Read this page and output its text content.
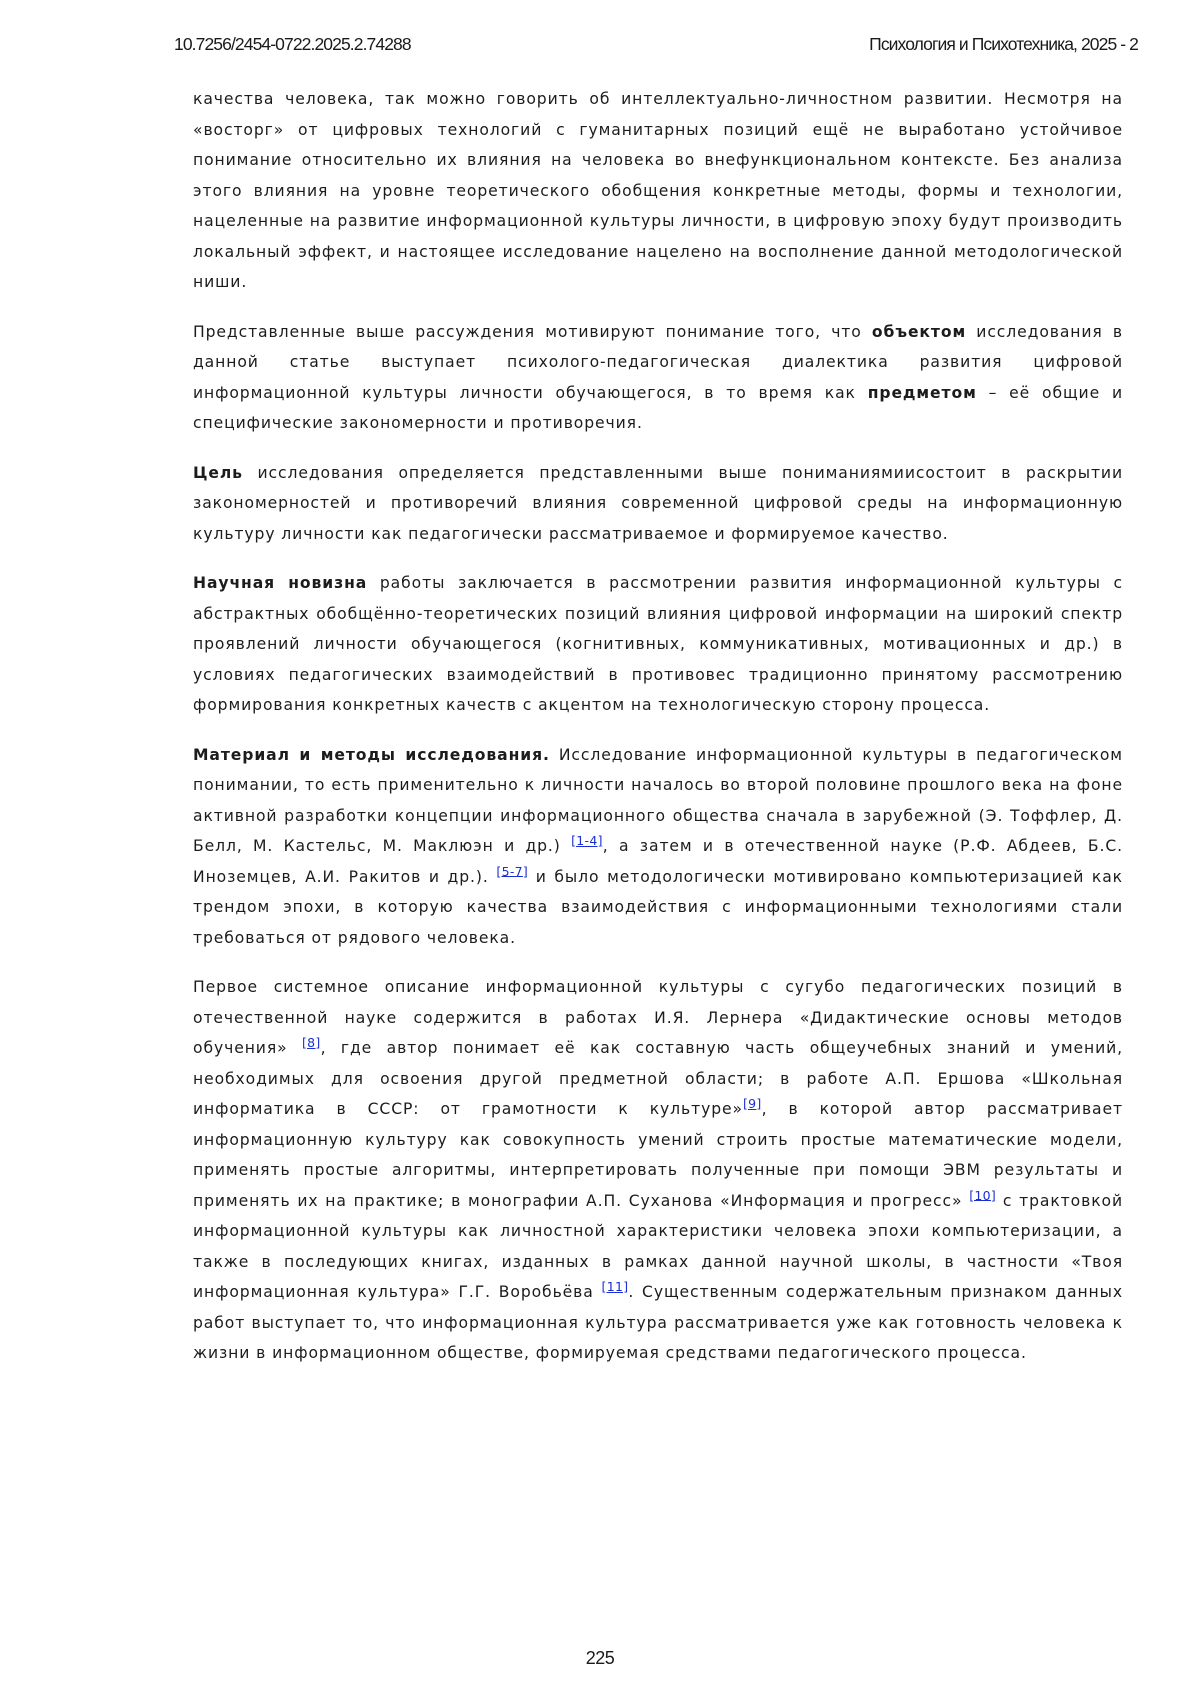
10.7256/2454-0722.2025.2.74288	Психология и Психотехника, 2025 - 2

качества человека, так можно говорить об интеллектуально-личностном развитии. Несмотря на «восторг» от цифровых технологий с гуманитарных позиций ещё не выработано устойчивое понимание относительно их влияния на человека во внефункциональном контексте. Без анализа этого влияния на уровне теоретического обобщения конкретные методы, формы и технологии, нацеленные на развитие информационной культуры личности, в цифровую эпоху будут производить локальный эффект, и настоящее исследование нацелено на восполнение данной методологической ниши.

Представленные выше рассуждения мотивируют понимание того, что объектом исследования в данной статье выступает психолого-педагогическая диалектика развития цифровой информационной культуры личности обучающегося, в то время как предметом – её общие и специфические закономерности и противоречия.

Цель исследования определяется представленными выше пониманиямиисостоит в раскрытии закономерностей и противоречий влияния современной цифровой среды на информационную культуру личности как педагогически рассматриваемое и формируемое качество.

Научная новизна работы заключается в рассмотрении развития информационной культуры с абстрактных обобщённо-теоретических позиций влияния цифровой информации на широкий спектр проявлений личности обучающегося (когнитивных, коммуникативных, мотивационных и др.) в условиях педагогических взаимодействий в противовес традиционно принятому рассмотрению формирования конкретных качеств с акцентом на технологическую сторону процесса.

Материал и методы исследования. Исследование информационной культуры в педагогическом понимании, то есть применительно к личности началось во второй половине прошлого века на фоне активной разработки концепции информационного общества сначала в зарубежной (Э. Тоффлер, Д. Белл, М. Кастельс, М. Маклюэн и др.) [1-4], а затем и в отечественной науке (Р.Ф. Абдеев, Б.С. Иноземцев, А.И. Ракитов и др.). [5-7] и было методологически мотивировано компьютеризацией как трендом эпохи, в которую качества взаимодействия с информационными технологиями стали требоваться от рядового человека.

Первое системное описание информационной культуры с сугубо педагогических позиций в отечественной науке содержится в работах И.Я. Лернера «Дидактические основы методов обучения» [8], где автор понимает её как составную часть общеучебных знаний и умений, необходимых для освоения другой предметной области; в работе А.П. Ершова «Школьная информатика в СССР: от грамотности к культуре»[9], в которой автор рассматривает информационную культуру как совокупность умений строить простые математические модели, применять простые алгоритмы, интерпретировать полученные при помощи ЭВМ результаты и применять их на практике; в монографии А.П. Суханова «Информация и прогресс» [10] с трактовкой информационной культуры как личностной характеристики человека эпохи компьютеризации, а также в последующих книгах, изданных в рамках данной научной школы, в частности «Твоя информационная культура» Г.Г. Воробьёва [11]. Существенным содержательным признаком данных работ выступает то, что информационная культура рассматривается уже как готовность человека к жизни в информационном обществе, формируемая средствами педагогического процесса.

225
